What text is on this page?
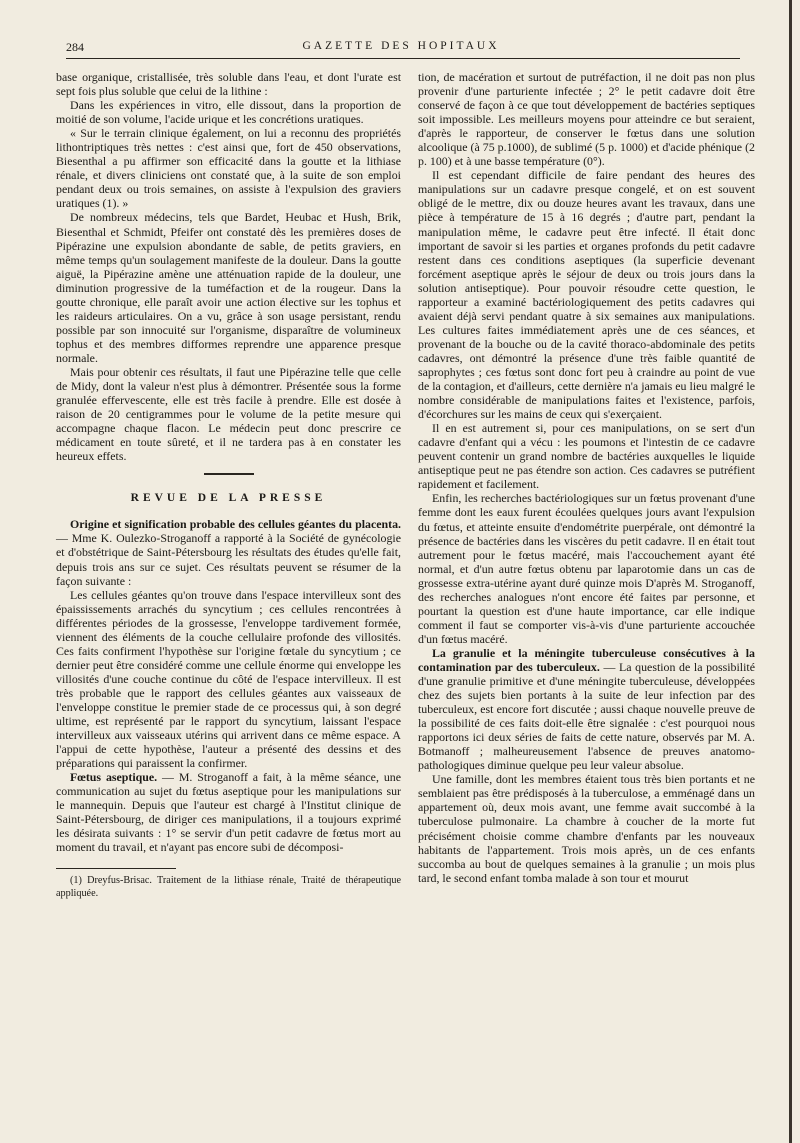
284	GAZETTE DES HOPITAUX

base organique, cristallisée, très soluble dans l'eau, et dont l'urate est sept fois plus soluble que celui de la lithine :

Dans les expériences in vitro, elle dissout, dans la proportion de moitié de son volume, l'acide urique et les concrétions uratiques.

« Sur le terrain clinique également, on lui a reconnu des propriétés lithontriptiques très nettes : c'est ainsi que, fort de 450 observations, Biesenthal a pu affirmer son efficacité dans la goutte et la lithiase rénale, et divers cliniciens ont constaté que, à la suite de son emploi pendant deux ou trois semaines, on assiste à l'expulsion des graviers uratiques (1). »

De nombreux médecins, tels que Bardet, Heubac et Hush, Brik, Biesenthal et Schmidt, Pfeifer ont constaté dès les premières doses de Pipérazine une expulsion abondante de sable, de petits graviers, en même temps qu'un soulagement manifeste de la douleur. Dans la goutte aiguë, la Pipérazine amène une atténuation rapide de la douleur, une diminution progressive de la tuméfaction et de la rougeur. Dans la goutte chronique, elle paraît avoir une action élective sur les tophus et les raideurs articulaires. On a vu, grâce à son usage persistant, rendu possible par son innocuité sur l'organisme, disparaître de volumineux tophus et des membres difformes reprendre une apparence presque normale.

Mais pour obtenir ces résultats, il faut une Pipérazine telle que celle de Midy, dont la valeur n'est plus à démontrer. Présentée sous la forme granulée effervescente, elle est très facile à prendre. Elle est dosée à raison de 20 centigrammes pour le volume de la petite mesure qui accompagne chaque flacon. Le médecin peut donc prescrire ce médicament en toute sûreté, et il ne tardera pas à en constater les heureux effets.

REVUE DE LA PRESSE

Origine et signification probable des cellules géantes du placenta. — Mme K. Oulezko-Stroganoff a rapporté à la Société de gynécologie et d'obstétrique de Saint-Pétersbourg les résultats des études qu'elle fait, depuis trois ans sur ce sujet. Ces résultats peuvent se résumer de la façon suivante :

Les cellules géantes qu'on trouve dans l'espace intervilleux sont des épaississements arrachés du syncytium ; ces cellules rencontrées à différentes périodes de la grossesse, l'enveloppe tardivement formée, viennent des éléments de la couche cellulaire profonde des villosités. Ces faits confirment l'hypothèse sur l'origine fœtale du syncytium ; ce dernier peut être considéré comme une cellule énorme qui enveloppe les villosités d'une couche continue du côté de l'espace intervilleux. Il est très probable que le rapport des cellules géantes aux vaisseaux de l'enveloppe constitue le premier stade de ce processus qui, à son degré ultime, est représenté par le rapport du syncytium, laissant l'espace intervilleux aux vaisseaux utérins qui arrivent dans ce même espace. A l'appui de cette hypothèse, l'auteur a présenté des dessins et des préparations qui paraissent la confirmer.

Fœtus aseptique. — M. Stroganoff a fait, à la même séance, une communication au sujet du fœtus aseptique pour les manipulations sur le mannequin. Depuis que l'auteur est chargé à l'Institut clinique de Saint-Pétersbourg, de diriger ces manipulations, il a toujours exprimé les désirata suivants : 1° se servir d'un petit cadavre de fœtus mort au moment du travail, et n'ayant pas encore subi de décomposi-

(1) Dreyfus-Brisac. Traitement de la lithiase rénale, Traité de thérapeutique appliquée.

tion, de macération et surtout de putréfaction, il ne doit pas non plus provenir d'une parturiente infectée ; 2° le petit cadavre doit être conservé de façon à ce que tout développement de bactéries septiques soit impossible. Les meilleurs moyens pour atteindre ce but seraient, d'après le rapporteur, de conserver le fœtus dans une solution alcoolique (à 75 p.1000), de sublimé (5 p. 1000) et d'acide phénique (2 p. 100) et à une basse température (0°).

Il est cependant difficile de faire pendant des heures des manipulations sur un cadavre presque congelé, et on est souvent obligé de le mettre, dix ou douze heures avant les travaux, dans une pièce à température de 15 à 16 degrés ; d'autre part, pendant la manipulation même, le cadavre peut être infecté. Il était donc important de savoir si les parties et organes profonds du petit cadavre restent dans ces conditions aseptiques (la superficie devenant forcément aseptique après le séjour de deux ou trois jours dans la solution antiseptique). Pour pouvoir résoudre cette question, le rapporteur a examiné bactériologiquement des petits cadavres qui avaient déjà servi pendant quatre à six semaines aux manipulations. Les cultures faites immédiatement après une de ces séances, et provenant de la bouche ou de la cavité thoraco-abdominale des petits cadavres, ont démontré la présence d'une très faible quantité de saprophytes ; ces fœtus sont donc fort peu à craindre au point de vue de la contagion, et d'ailleurs, cette dernière n'a jamais eu lieu malgré le nombre considérable de manipulations faites et l'existence, parfois, d'écorchures sur les mains de ceux qui s'exerçaient.

Il en est autrement si, pour ces manipulations, on se sert d'un cadavre d'enfant qui a vécu : les poumons et l'intestin de ce cadavre peuvent contenir un grand nombre de bactéries auxquelles le liquide antiseptique peut ne pas étendre son action. Ces cadavres se putréfient rapidement et facilement.

Enfin, les recherches bactériologiques sur un fœtus provenant d'une femme dont les eaux furent écoulées quelques jours avant l'expulsion du fœtus, et atteinte ensuite d'endométrite puerpérale, ont démontré la présence de bactéries dans les viscères du petit cadavre. Il en était tout autrement pour le fœtus macéré, mais l'accouchement ayant été normal, et d'un autre fœtus obtenu par laparotomie dans un cas de grossesse extra-utérine ayant duré quinze mois D'après M. Stroganoff, des recherches analogues n'ont encore été faites par personne, et pourtant la question est d'une haute importance, car elle indique comment il faut se comporter vis-à-vis d'une parturiente accouchée d'un fœtus macéré.

La granulie et la méningite tuberculeuse consécutives à la contamination par des tuberculeux. — La question de la possibilité d'une granulie primitive et d'une méningite tuberculeuse, développées chez des sujets bien portants à la suite de leur infection par des tuberculeux, est encore fort discutée ; aussi chaque nouvelle preuve de la possibilité de ces faits doit-elle être signalée : c'est pourquoi nous rapportons ici deux séries de faits de cette nature, observés par M. A. Botmanoff ; malheureusement l'absence de preuves anatomo-pathologiques diminue quelque peu leur valeur absolue.

Une famille, dont les membres étaient tous très bien portants et ne semblaient pas être prédisposés à la tuberculose, a emménagé dans un appartement où, deux mois avant, une femme avait succombé à la tuberculose pulmonaire. La chambre à coucher de la morte fut précisément choisie comme chambre d'enfants par les nouveaux habitants de l'appartement. Trois mois après, un de ces enfants succomba au bout de quelques semaines à la granulie ; un mois plus tard, le second enfant tomba malade à son tour et mourut
